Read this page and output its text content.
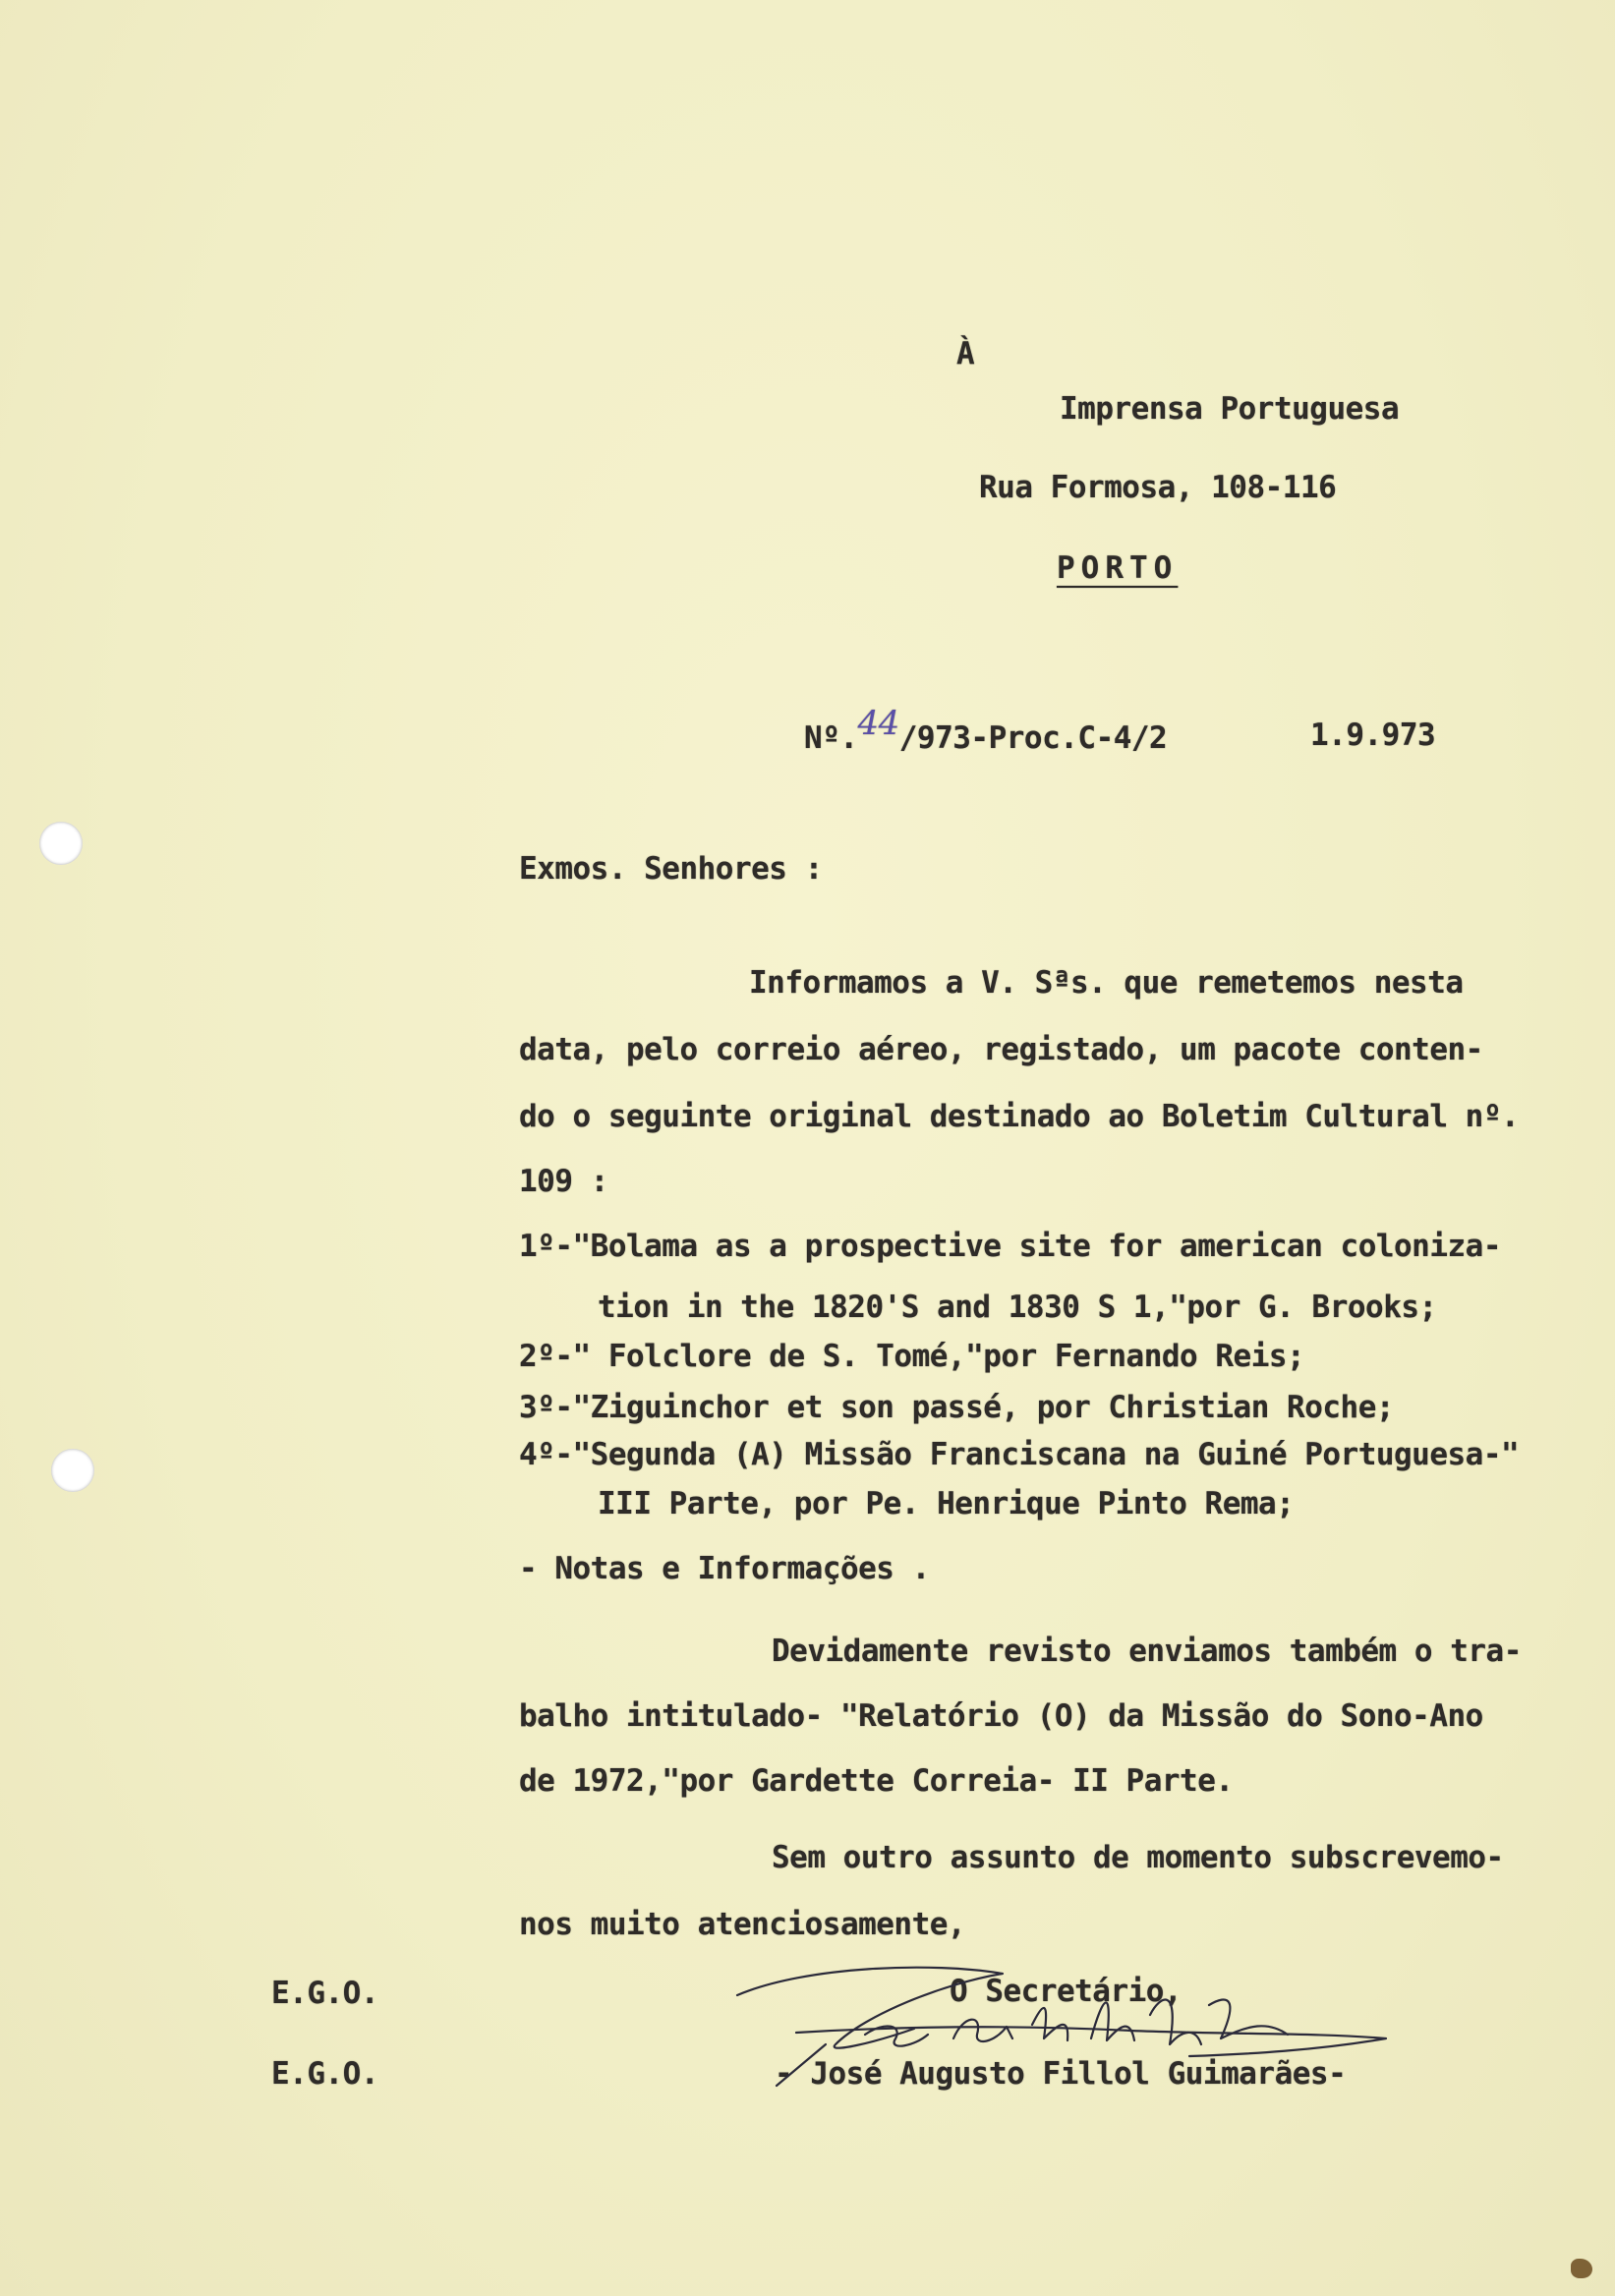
À
Imprensa Portuguesa
Rua Formosa, 108-116
PORTO
Nº.44/973-Proc.C-4/2	1.9.973
Exmos. Senhores :
Informamos a V. Sªs. que remetemos nesta
data, pelo correio aéreo, registado, um pacote conten-
do o seguinte original destinado ao Boletim Cultural nº.
109 :
1º-"Bolama as a prospective site for american coloniza-
tion in the 1820'S and 1830 S 1,"por G. Brooks;
2º-" Folclore de S. Tomé,"por Fernando Reis;
3º-"Ziguinchor et son passé, por Christian Roche;
4º-"Segunda (A) Missão Franciscana na Guiné Portuguesa-"
III Parte, por Pe. Henrique Pinto Rema;
- Notas e Informações .
Devidamente revisto enviamos também o tra-
balho intitulado- "Relatório (O) da Missão do Sono-Ano
de 1972,"por Gardette Correia- II Parte.
Sem outro assunto de momento subscrevemo-
nos muito atenciosamente,
E.G.O.
E.G.O.
O Secretário,
- José Augusto Fillol Guimarães-
